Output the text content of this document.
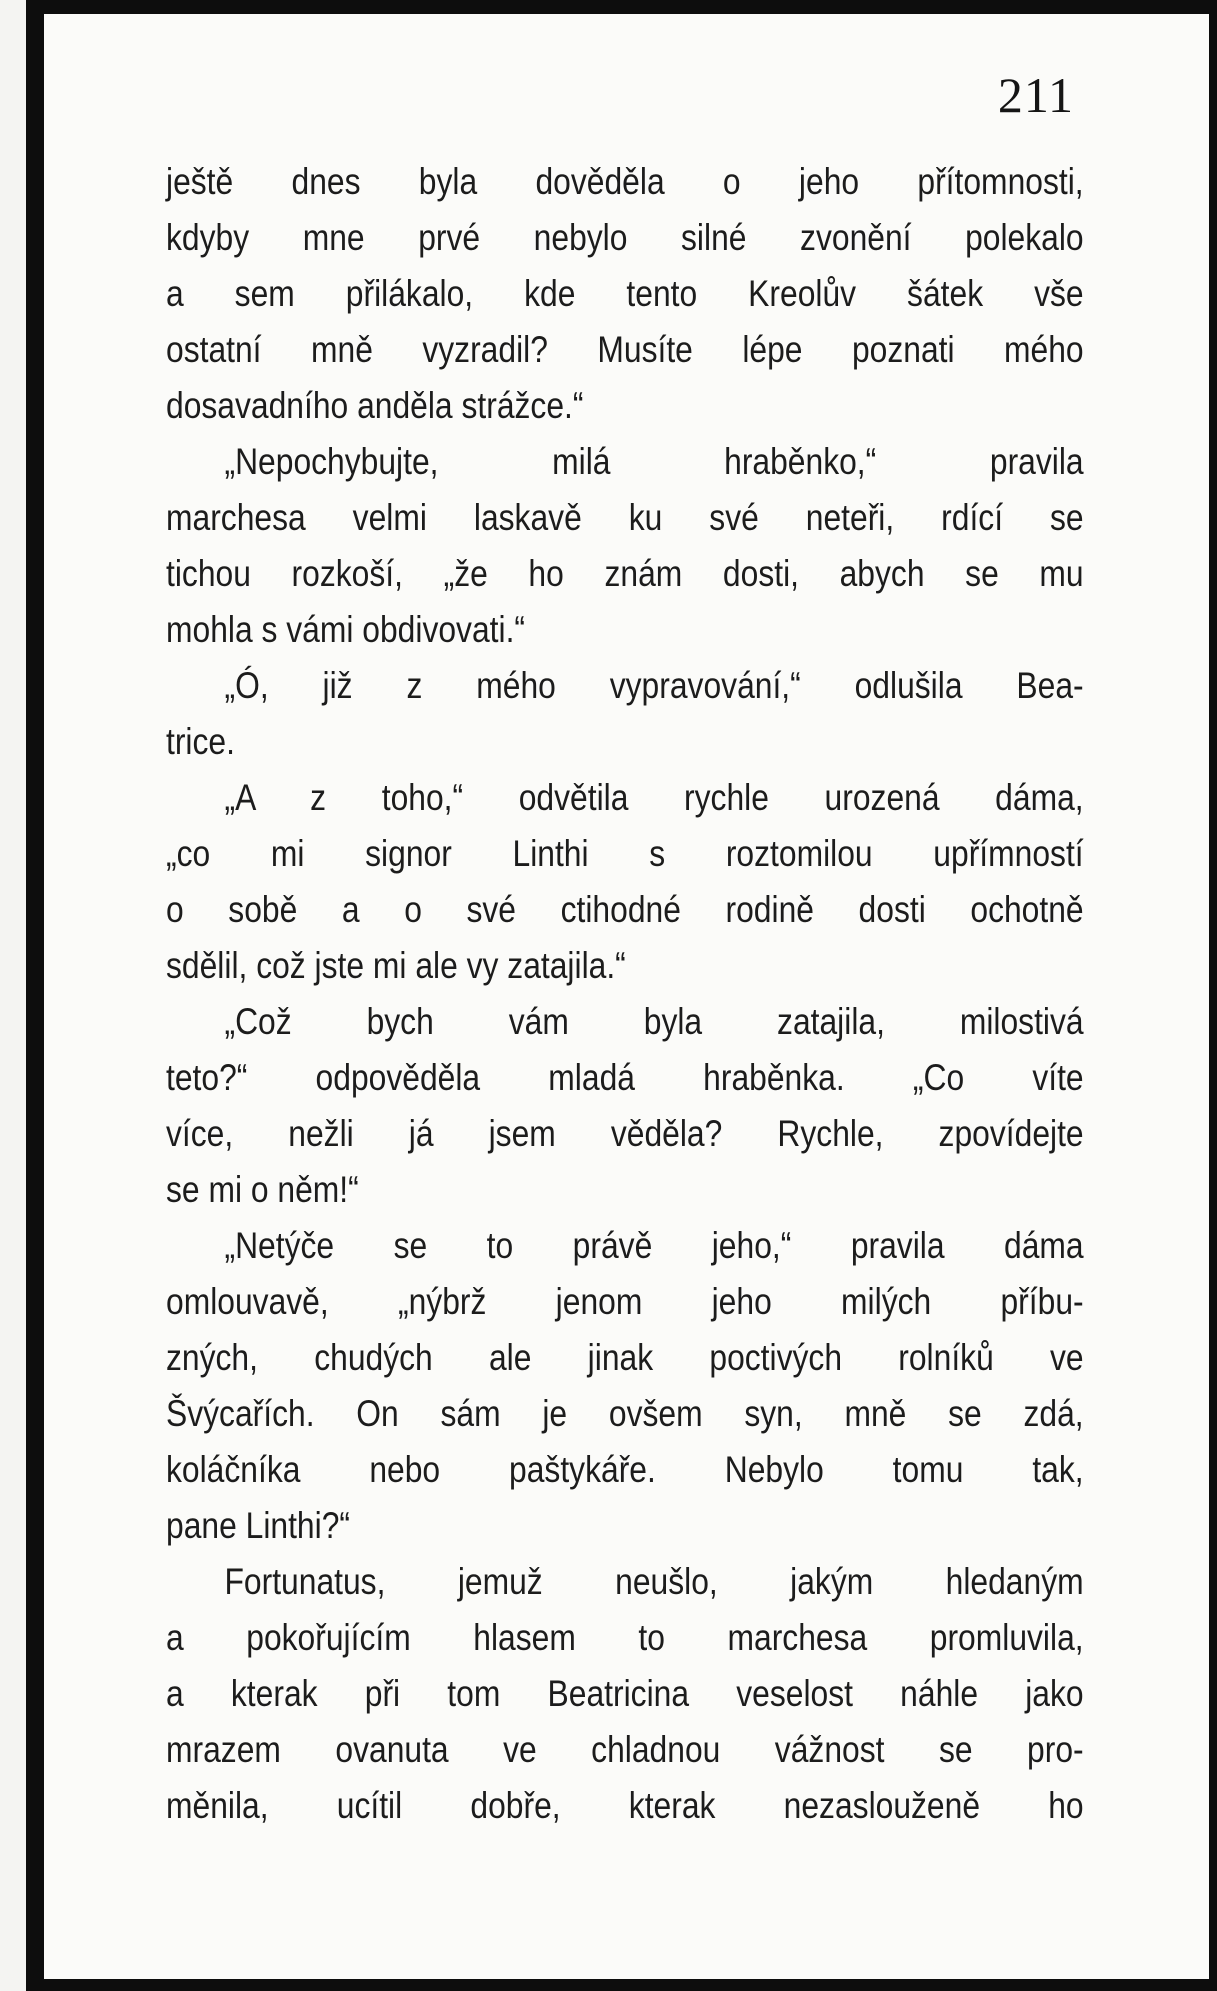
211
ještě dnes byla dověděla o jeho přítomnosti,
kdyby mne prvé nebylo silné zvonění polekalo
a sem přilákalo, kde tento Kreolův šátek vše
ostatní mně vyzradil? Musíte lépe poznati mého
dosavadního anděla strážce.“
„Nepochybujte, milá hraběnko,“ pravila
marchesa velmi laskavě ku své neteři, rdící se
tichou rozkoší, „že ho znám dosti, abych se mu
mohla s vámi obdivovati.“
„Ó, již z mého vypravování,“ odlušila Bea-
trice.
„A z toho,“ odvětila rychle urozená dáma,
„co mi signor Linthi s roztomilou upřímností
o sobě a o své ctihodné rodině dosti ochotně
sdělil, což jste mi ale vy zatajila.“
„Což bych vám byla zatajila, milostivá
teto?“ odpověděla mladá hraběnka. „Co víte
více, nežli já jsem věděla? Rychle, zpovídejte
se mi o něm!“
„Netýče se to právě jeho,“ pravila dáma
omlouvavě, „nýbrž jenom jeho milých příbu-
zných, chudých ale jinak poctivých rolníků ve
Švýcařích. On sám je ovšem syn, mně se zdá,
koláčníka nebo paštykáře. Nebylo tomu tak,
pane Linthi?“
Fortunatus, jemuž neušlo, jakým hledaným
a pokořujícím hlasem to marchesa promluvila,
a kterak při tom Beatricina veselost náhle jako
mrazem ovanuta ve chladnou vážnost se pro-
měnila, ucítil dobře, kterak nezaslouženě ho
